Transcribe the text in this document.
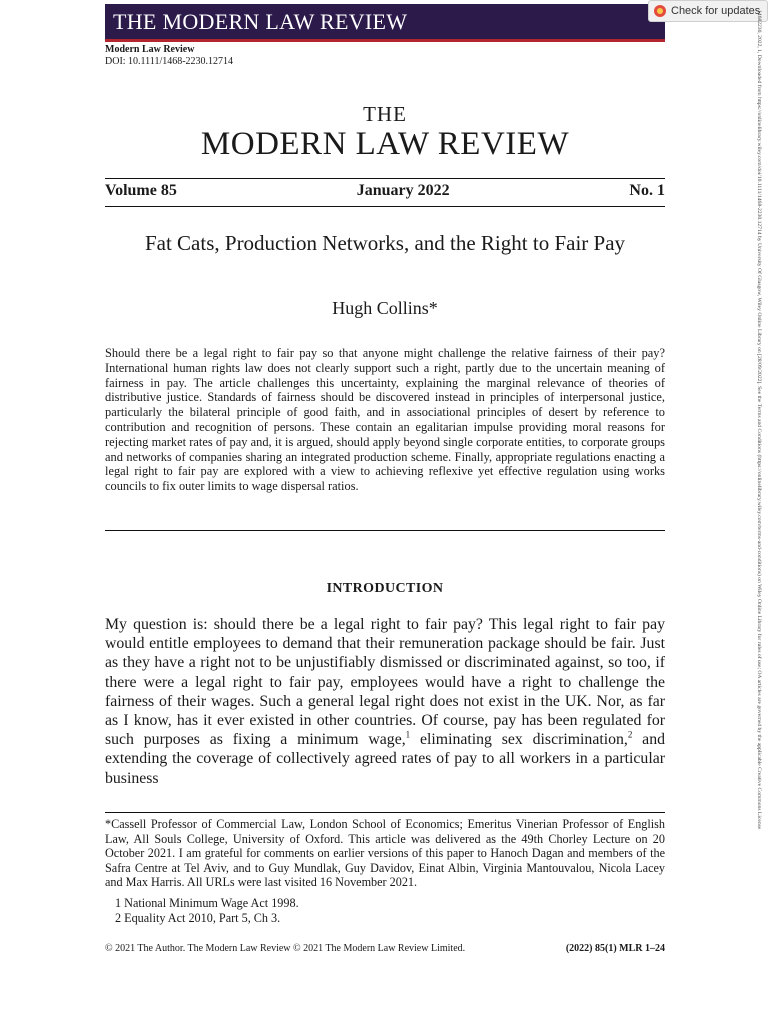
THE MODERN LAW REVIEW	Check for updates
Modern Law Review
DOI: 10.1111/1468-2230.12714	14682230, 2022, 1, Downloaded from https://onlinelibrary.wiley.com/doi/10.1111/1468-2230.12714 by University Of Glasgow, Wiley Online Library on [28/09/2022]. See the Terms and Conditions (https://onlinelibrary.wiley.com/terms-and-conditions) on Wiley Online Library for rules of use; OA articles are governed by the applicable Creative Commons License
THE
MODERN LAW REVIEW
Volume 85	January 2022	No. 1
Fat Cats, Production Networks, and the Right to Fair Pay
Hugh Collins*

Should there be a legal right to fair pay so that anyone might challenge the relative fairness of their pay? International human rights law does not clearly support such a right, partly due to the uncertain meaning of fairness in pay. The article challenges this uncertainty, explaining the marginal relevance of theories of distributive justice. Standards of fairness should be discovered instead in principles of interpersonal justice, particularly the bilateral principle of good faith, and in associational principles of desert by reference to contribution and recognition of persons. These contain an egalitarian impulse providing moral reasons for rejecting market rates of pay and, it is argued, should apply beyond single corporate entities, to corporate groups and networks of companies sharing an integrated production scheme. Finally, appropriate regulations enacting a legal right to fair pay are explored with a view to achieving reflexive yet effective regulation using works councils to fix outer limits to wage dispersal ratios.

INTRODUCTION

My question is: should there be a legal right to fair pay? This legal right to fair pay would entitle employees to demand that their remuneration package should be fair. Just as they have a right not to be unjustifiably dismissed or discriminated against, so too, if there were a legal right to fair pay, employees would have a right to challenge the fairness of their wages. Such a general legal right does not exist in the UK. Nor, as far as I know, has it ever existed in other countries. Of course, pay has been regulated for such purposes as fixing a minimum wage,$^1$ eliminating sex discrimination,$^2$ and extending the coverage of collectively agreed rates of pay to all workers in a particular business

*Cassell Professor of Commercial Law, London School of Economics; Emeritus Vinerian Professor of English Law, All Souls College, University of Oxford. This article was delivered as the 49th Chorley Lecture on 20 October 2021. I am grateful for comments on earlier versions of this paper to Hanoch Dagan and members of the Safra Centre at Tel Aviv, and to Guy Mundlak, Guy Davidov, Einat Albin, Virginia Mantouvalou, Nicola Lacey and Max Harris. All URLs were last visited 16 November 2021.

1 National Minimum Wage Act 1998.
2 Equality Act 2010, Part 5, Ch 3.
© 2021 The Author. The Modern Law Review © 2021 The Modern Law Review Limited.	(2022) 85(1) MLR 1–24
